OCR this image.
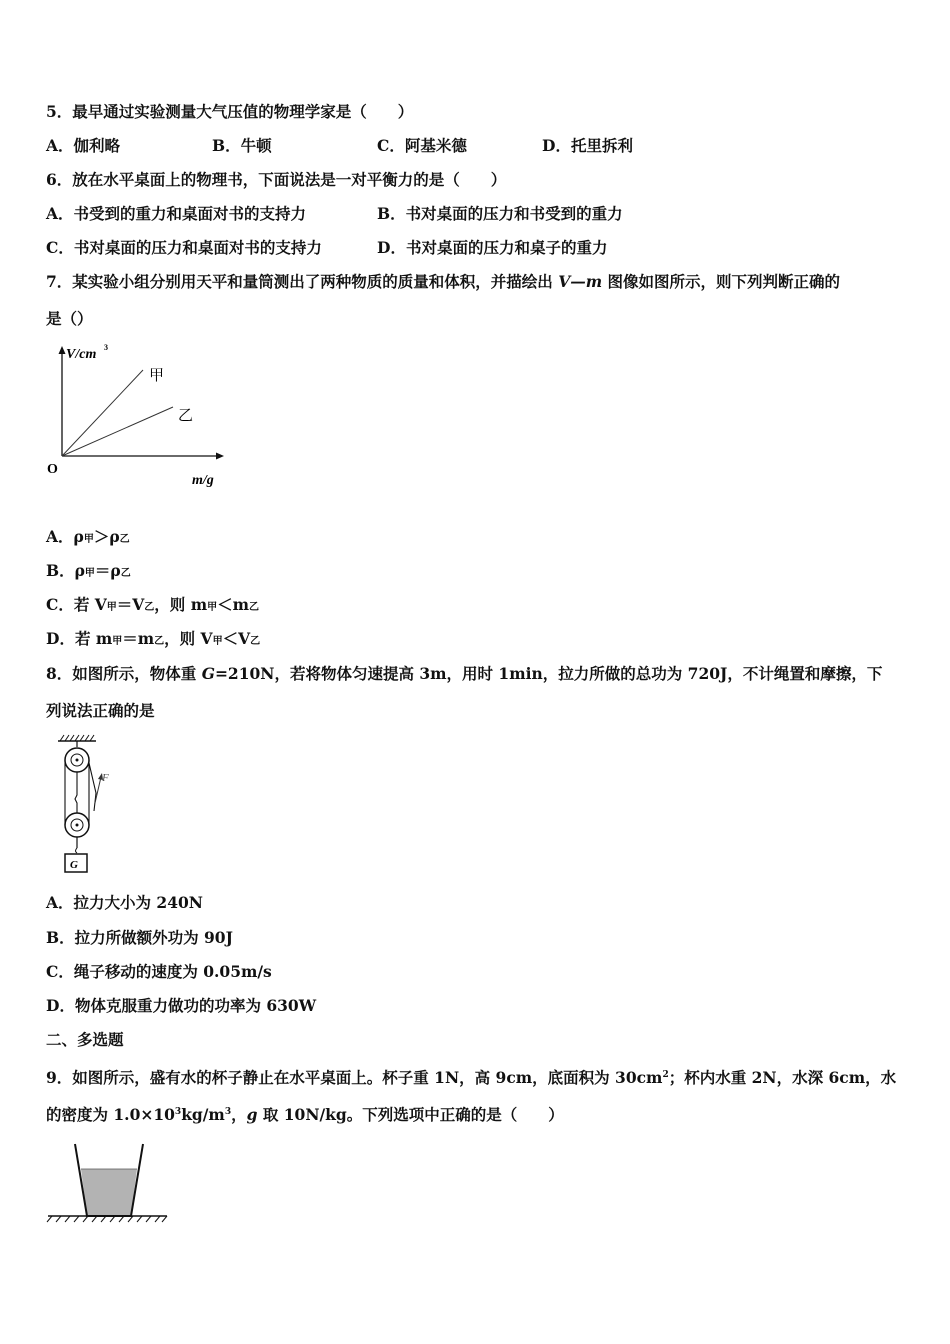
5．最早通过实验测量大气压值的物理学家是（　　）
A．伽利略	B．牛顿	C．阿基米德	D．托里拆利
6．放在水平桌面上的物理书，下面说法是一对平衡力的是（　　）
A．书受到的重力和桌面对书的支持力	B．书对桌面的压力和书受到的重力
C．书对桌面的压力和桌面对书的支持力	D．书对桌面的压力和桌子的重力
7．某实验小组分别用天平和量筒测出了两种物质的质量和体积，并描绘出 V—m 图像如图所示，则下列判断正确的
是（）
V/cm 3
甲
乙
O
m/g
A．ρ甲＞ρ乙
B．ρ甲＝ρ乙
C．若 V甲＝V乙，则 m甲＜m乙
D．若 m甲＝m乙，则 V甲＜V乙
8．如图所示，物体重 G=210N，若将物体匀速提高 3m，用时 1min，拉力所做的总功为 720J，不计绳置和摩擦，下
列说法正确的是
F
G
A．拉力大小为 240N
B．拉力所做额外功为 90J
C．绳子移动的速度为 0.05m/s
D．物体克服重力做功的功率为 630W
二、多选题
9．如图所示，盛有水的杯子静止在水平桌面上。杯子重 1N，高 9cm，底面积为 $30cm^2$；杯内水重 2N，水深 6cm，水
的密度为 $1.0\times 10^3kg/m^3$，g 取 10N/kg。下列选项中正确的是（　　）
